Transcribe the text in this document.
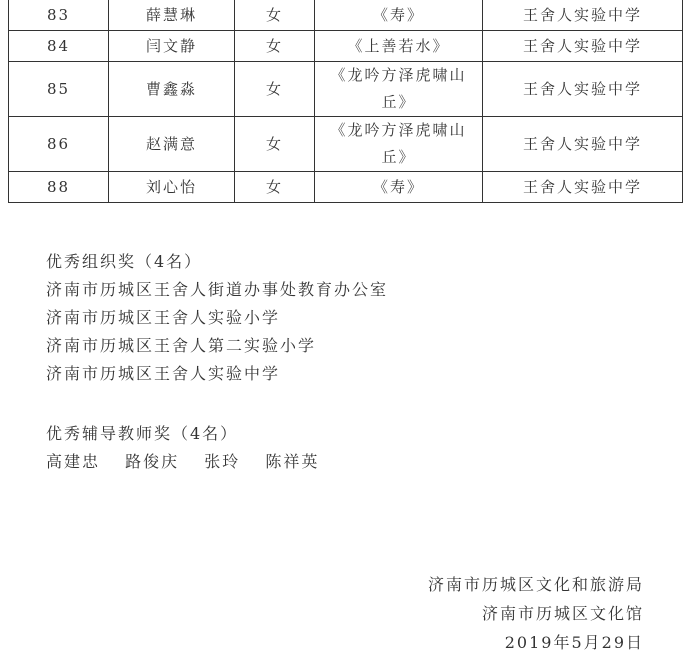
83	薛慧琳	女	《寿》	王舍人实验中学
84	闫文静	女	《上善若水》	王舍人实验中学
85	曹鑫淼	女	《龙吟方泽虎啸山丘》	王舍人实验中学
86	赵满意	女	《龙吟方泽虎啸山丘》	王舍人实验中学
88	刘心怡	女	《寿》	王舍人实验中学
优秀组织奖（4名）
济南市历城区王舍人街道办事处教育办公室
济南市历城区王舍人实验小学
济南市历城区王舍人第二实验小学
济南市历城区王舍人实验中学
优秀辅导教师奖（4名）
高建忠 路俊庆 张玲 陈祥英
济南市历城区文化和旅游局
济南市历城区文化馆
2019年5月29日
